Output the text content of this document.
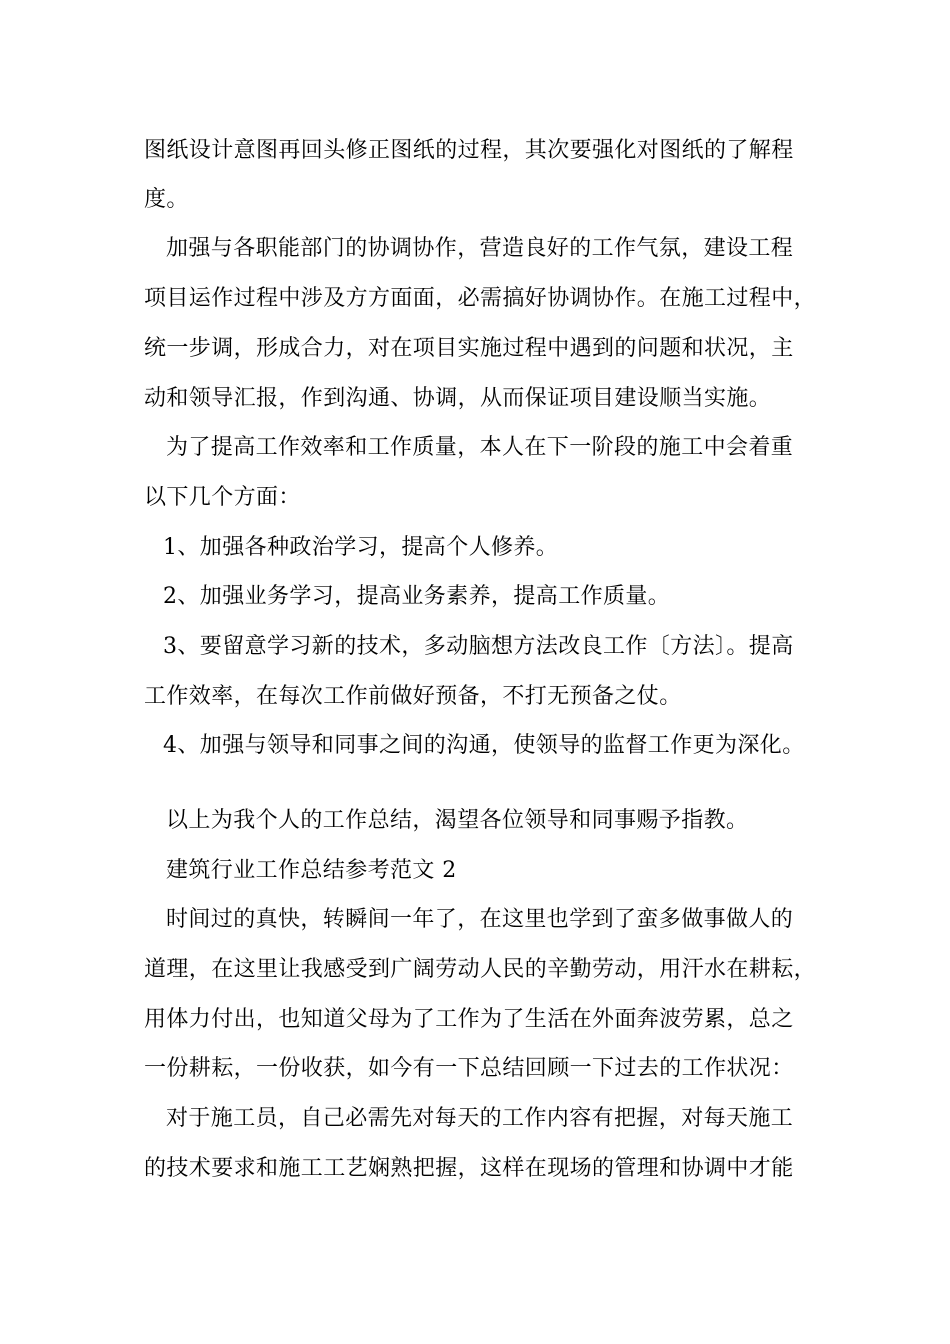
图纸设计意图再回头修正图纸的过程，其次要强化对图纸的了解程
度。
加强与各职能部门的协调协作，营造良好的工作气氛，建设工程
项目运作过程中涉及方方面面，必需搞好协调协作。在施工过程中，
统一步调，形成合力，对在项目实施过程中遇到的问题和状况，主
动和领导汇报，作到沟通、协调，从而保证项目建设顺当实施。
为了提高工作效率和工作质量，本人在下一阶段的施工中会着重
以下几个方面：
1、加强各种政治学习，提高个人修养。
2、加强业务学习，提高业务素养，提高工作质量。
3、要留意学习新的技术，多动脑想方法改良工作〔方法〕。提高
工作效率，在每次工作前做好预备，不打无预备之仗。
4、加强与领导和同事之间的沟通，使领导的监督工作更为深化。
以上为我个人的工作总结，渴望各位领导和同事赐予指教。
建筑行业工作总结参考范文 2
时间过的真快，转瞬间一年了，在这里也学到了蛮多做事做人的
道理，在这里让我感受到广阔劳动人民的辛勤劳动，用汗水在耕耘，
用体力付出，也知道父母为了工作为了生活在外面奔波劳累，总之
一份耕耘，一份收获，如今有一下总结回顾一下过去的工作状况：
对于施工员，自己必需先对每天的工作内容有把握，对每天施工
的技术要求和施工工艺娴熟把握，这样在现场的管理和协调中才能
